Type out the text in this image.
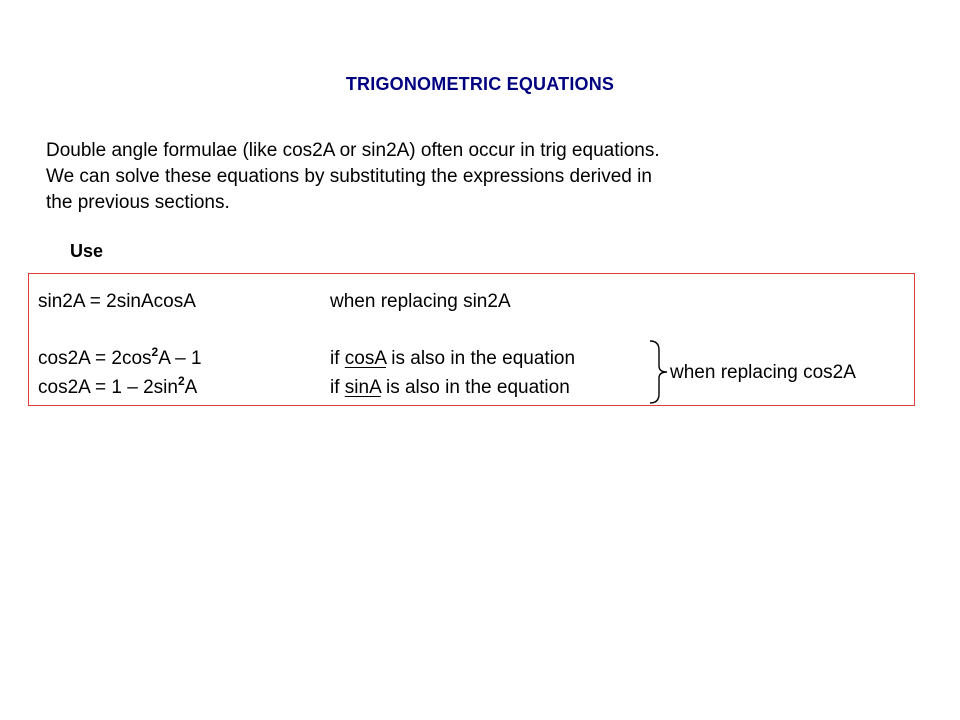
TRIGONOMETRIC EQUATIONS
Double angle formulae (like cos2A or sin2A) often occur in trig equations.
We can solve these equations by substituting the expressions derived in
the previous sections.
Use
sin2A = 2sinAcosA	when replacing sin2A
$\cos 2A = 2\cos^2A - 1$	if cosA is also in the equation
$\cos 2A = 1 - 2\sin^2A$	if sinA is also in the equation
when replacing cos2A
